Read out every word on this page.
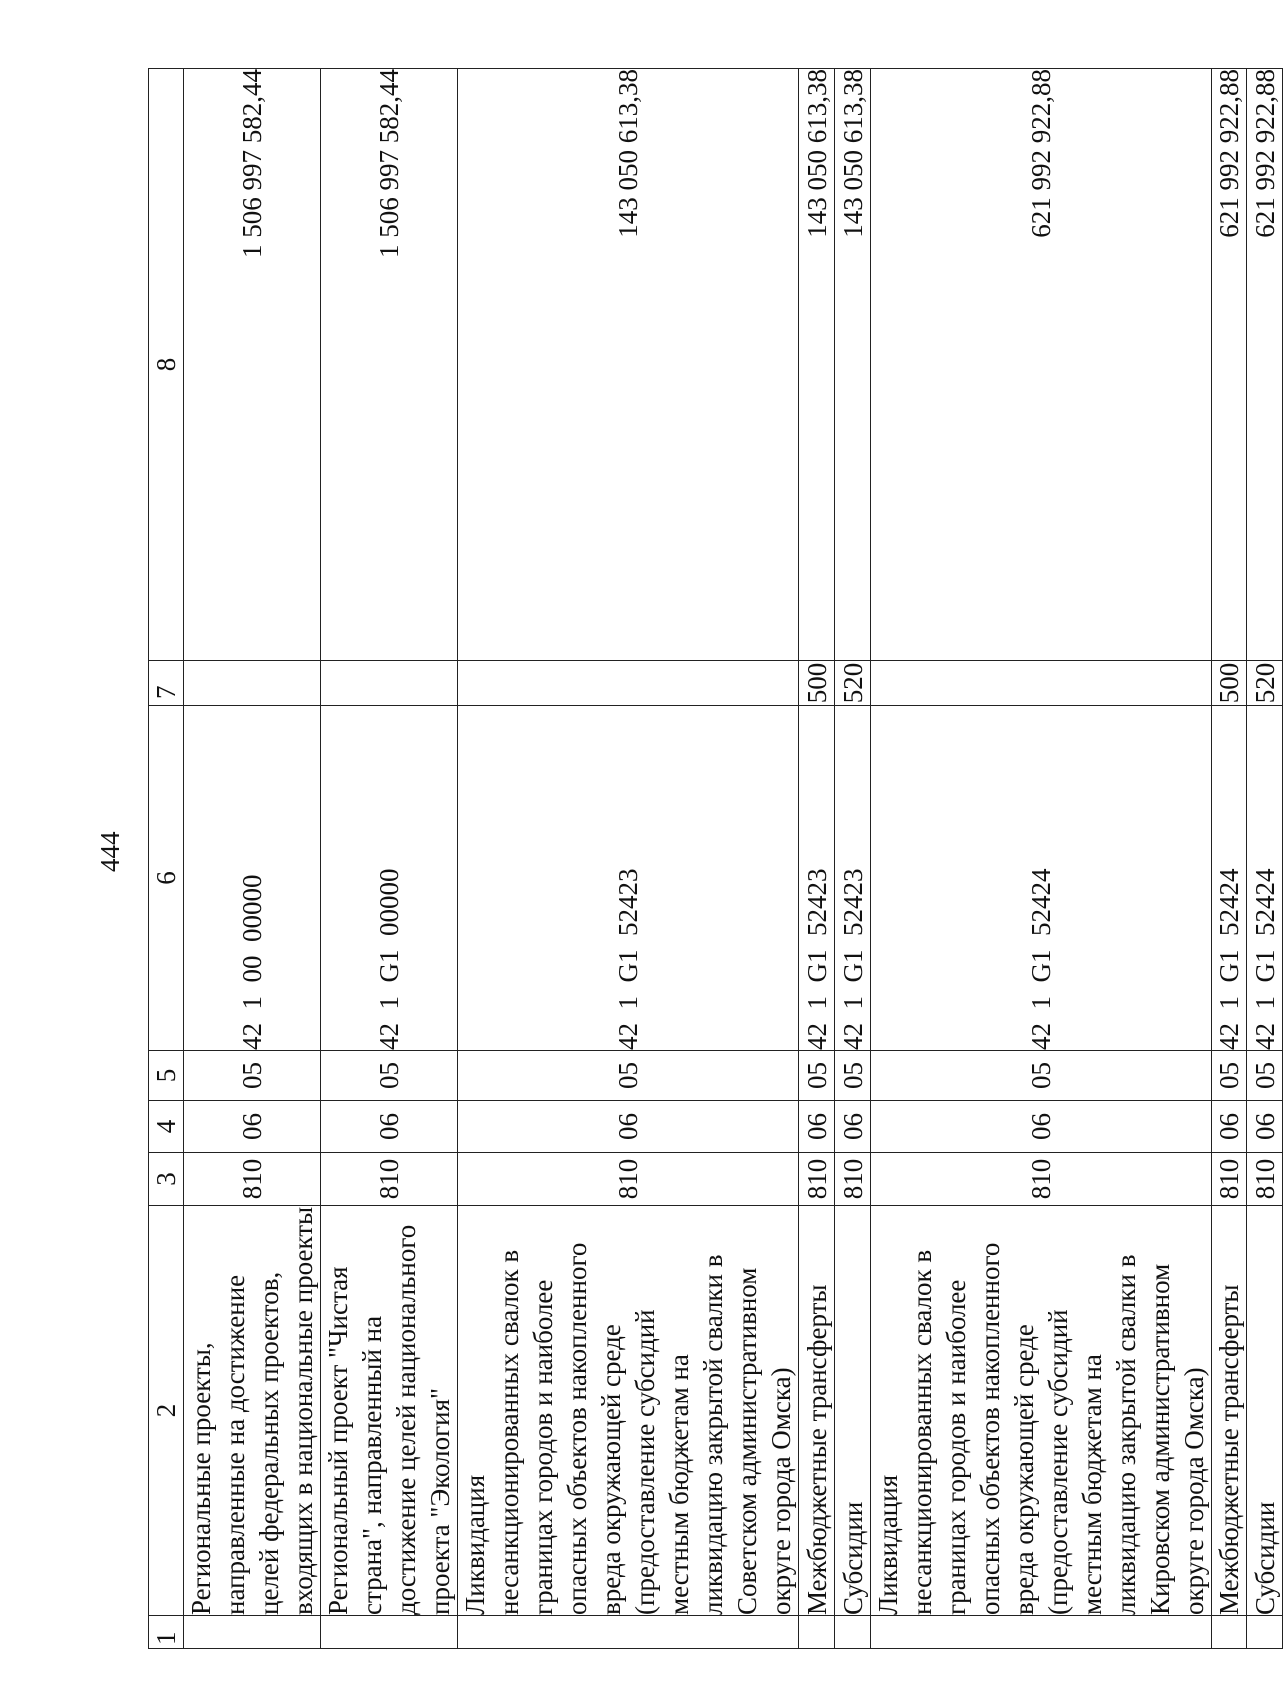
444
1	2	3	4	5	6	7	8
	Региональные проекты, направленные на достижение целей федеральных проектов, входящих в национальные проекты	810	06	05	42  1  00  00000		1 506 997 582,44
	Региональный проект "Чистая страна", направленный на достижение целей национального проекта "Экология"	810	06	05	42  1  G1  00000		1 506 997 582,44
	Ликвидация несанкционированных свалок в границах городов и наиболее опасных объектов накопленного вреда окружающей среде (предоставление субсидий местным бюджетам на ликвидацию закрытой свалки в Советском административном округе города Омска)	810	06	05	42  1  G1  52423		143 050 613,38
	Межбюджетные трансферты	810	06	05	42  1  G1  52423	500	143 050 613,38
	Субсидии	810	06	05	42  1  G1  52423	520	143 050 613,38
	Ликвидация несанкционированных свалок в границах городов и наиболее опасных объектов накопленного вреда окружающей среде (предоставление субсидий местным бюджетам на ликвидацию закрытой свалки в Кировском административном округе города Омска)	810	06	05	42  1  G1  52424		621 992 922,88
	Межбюджетные трансферты	810	06	05	42  1  G1  52424	500	621 992 922,88
	Субсидии	810	06	05	42  1  G1  52424	520	621 992 922,88
